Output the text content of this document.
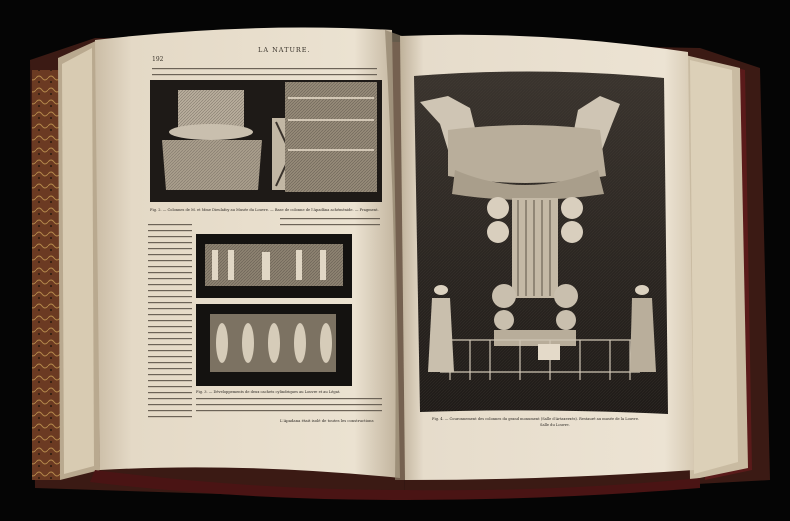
192
LA NATURE.
Fig. 2. — Colonnes de M. et Mme Dieulafoy au Musée du Louvre. — Base de colonne de l'Apadâna achéménide. — Fragment.
Fig. 3. — Développements de deux cachets cylindriques au Louvre et au Légat.
L'Apadana était isolé de toutes les constructions	Fig. 4. — Couronnement des colonnes du grand monument (Salle d'Artaxerxès). Restauré au musée de la Louvre.
Salle du Louvre.
